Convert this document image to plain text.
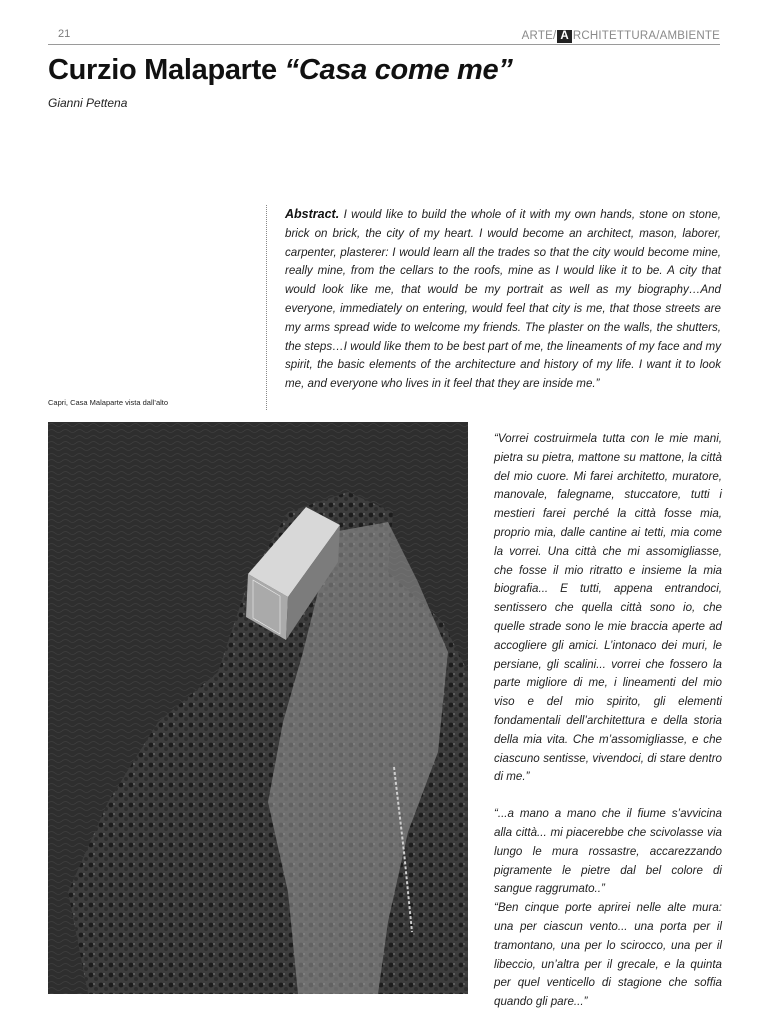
21	ARTE/ A RCHITETTURA/AMBIENTE
Curzio Malaparte “Casa come me”
Gianni Pettena

Abstract. I would like to build the whole of it with my own hands, stone on stone, brick on brick, the city of my heart. I would become an architect, mason, laborer, carpenter, plasterer: I would learn all the trades so that the city would become mine, really mine, from the cellars to the roofs, mine as I would like it to be. A city that would look like me, that would be my portrait as well as my biography…And everyone, immediately on entering, would feel that city is me, that those streets are my arms spread wide to welcome my friends. The plaster on the walls, the shutters, the steps…I would like them to be best part of me, the lineaments of my face and my spirit, the basic elements of the architecture and history of my life. I want it to look me, and everyone who lives in it feel that they are inside me.”

Capri, Casa Malaparte vista dall’alto

“Vorrei costruirmela tutta con le mie mani, pietra su pietra, mattone su mattone, la città del mio cuore. Mi farei architetto, muratore, manovale, falegname, stuccatore, tutti i mestieri farei perché la città fosse mia, proprio mia, dalle cantine ai tetti, mia come la vorrei. Una città che mi assomigliasse, che fosse il mio ritratto e insieme la mia biografia... E tutti, appena entrandoci, sentissero che quella città sono io, che quelle strade sono le mie braccia aperte ad accogliere gli amici. L’intonaco dei muri, le persiane, gli scalini... vorrei che fossero la parte migliore di me, i lineamenti del mio viso e del mio spirito, gli elementi fondamentali dell’architettura e della storia della mia vita. Che m’assomigliasse, e che ciascuno sentisse, vivendoci, di stare dentro di me.”

“...a mano a mano che il fiume s’avvicina alla città... mi piacerebbe che scivolasse via lungo le mura rossastre, accarezzando pigramente le pietre dal bel colore di sangue raggrumato..”

“Ben cinque porte aprirei nelle alte mura: una per ciascun vento... una porta per il tramontano, una per lo scirocco, una per il libeccio, un’altra per il grecale, e la quinta per quel venticello di stagione che soffia quando gli pare...”
